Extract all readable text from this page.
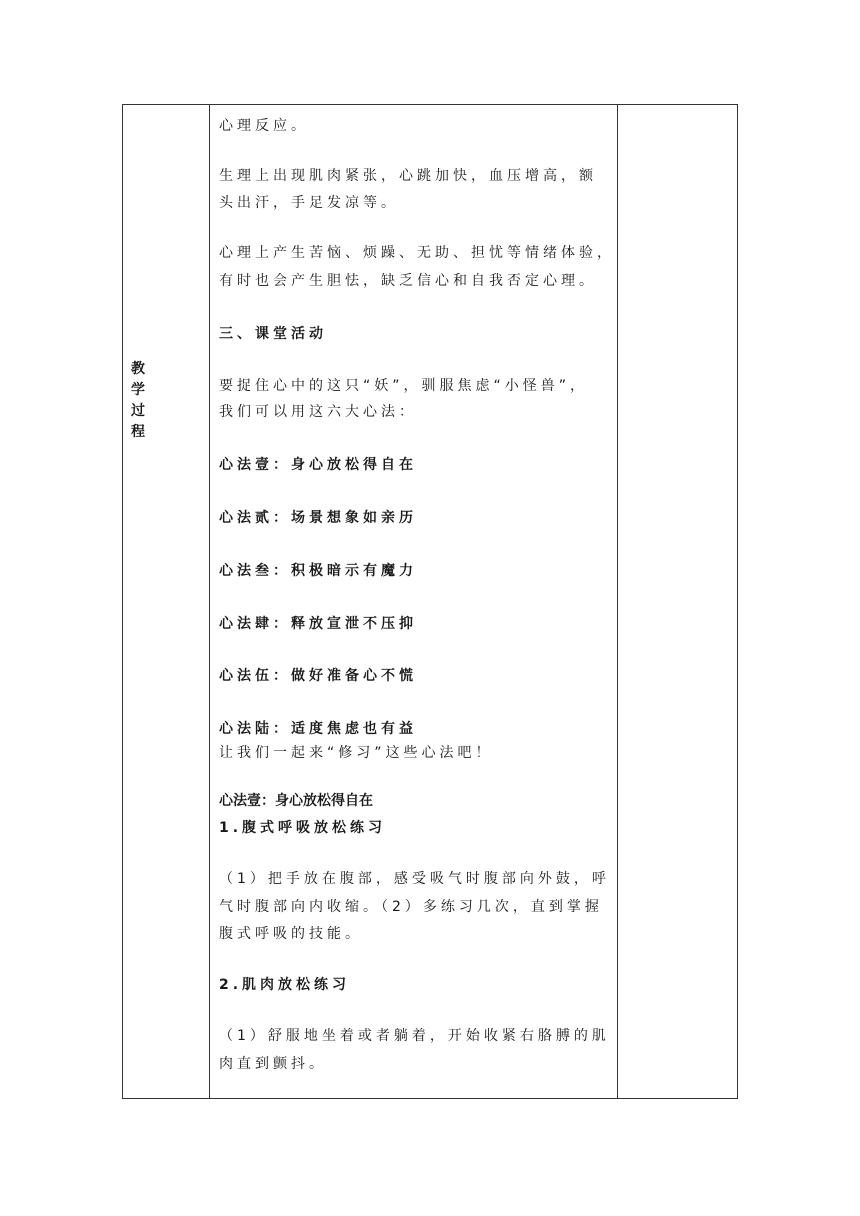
教学过程
心理反应。
生理上出现肌肉紧张，心跳加快，血压增高，额
头出汗，手足发凉等。
心理上产生苦恼、烦躁、无助、担忧等情绪体验，
有时也会产生胆怯，缺乏信心和自我否定心理。
三、课堂活动
要捉住心中的这只“妖”，驯服焦虑“小怪兽”，
我们可以用这六大心法：
心法壹：身心放松得自在
心法贰：场景想象如亲历
心法叁：积极暗示有魔力
心法肆：释放宣泄不压抑
心法伍：做好准备心不慌
心法陆：适度焦虑也有益
让我们一起来“修习”这些心法吧！
心法壹：身心放松得自在
1.腹式呼吸放松练习
（1）把手放在腹部，感受吸气时腹部向外鼓，呼
气时腹部向内收缩。（2）多练习几次，直到掌握
腹式呼吸的技能。
2.肌肉放松练习
（1）舒服地坐着或者躺着，开始收紧右胳膊的肌
肉直到颤抖。
